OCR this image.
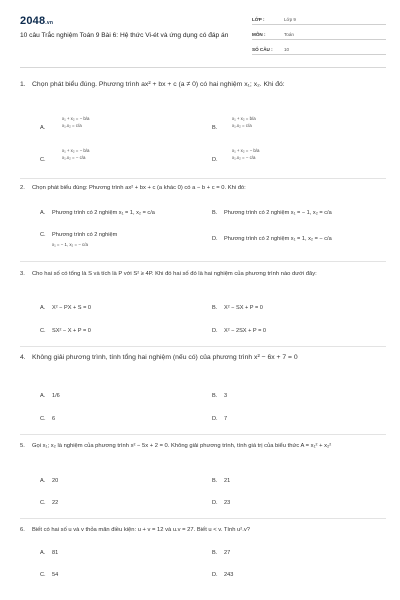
2048.vn
10 câu Trắc nghiệm Toán 9 Bài 6: Hệ thức Vi-ét và ứng dụng có đáp án
LỚP :	Lớp 9
MÔN :	Toán
SỐ CÂU : 10
1. Chọn phát biểu đúng. Phương trình ax² + bx + c (a ≠ 0) có hai nghiệm x₁; x₂. Khi đó:
A.
x₁ + x₂ = − b/a
x₁.x₂ = c/a	B.
x₁ + x₂ = b/a
x₁.x₂ = c/a
C.
x₁ + x₂ = − b/a
x₁.x₂ = − c/a	D.
x₁ + x₂ = − b/a
x₁.x₂ = − c/a
2. Chọn phát biểu đúng: Phương trình ax² + bx + c (a khác 0) có a − b + c = 0. Khi đó:
A. Phương trình có 2 nghiệm x₁ = 1, x₂ = c/a	B. Phương trình có 2 nghiệm x₁ = − 1, x₂ = c/a
C. Phương trình có 2 nghiệm
x₁ = − 1, x₂ = − c/a
D. Phương trình có 2 nghiệm x₁ = 1, x₂ = − c/a
3. Cho hai số có tổng là S và tích là P với S² ≥ 4P. Khi đó hai số đó là hai nghiệm của phương trình nào dưới đây:
A. X² − PX + S = 0	B. X² − SX + P = 0
C. SX² − X + P = 0	D. X² − 2SX + P = 0
4. Không giải phương trình, tính tổng hai nghiệm (nếu có) của phương trình x² − 6x + 7 = 0
A. 1/6	B. 3
C. 6	D. 7
5. Gọi x₁; x₂ là nghiệm của phương trình x² − 5x + 2 = 0. Không giải phương trình, tính giá trị của biểu thức A = x₁² + x₂²
A. 20	B. 21
C. 22	D. 23
6. Biết có hai số u và v thỏa mãn điều kiện: u + v = 12 và u.v = 27. Biết u < v. Tính u².v?
A. 81	B. 27
C. 54	D. 243
